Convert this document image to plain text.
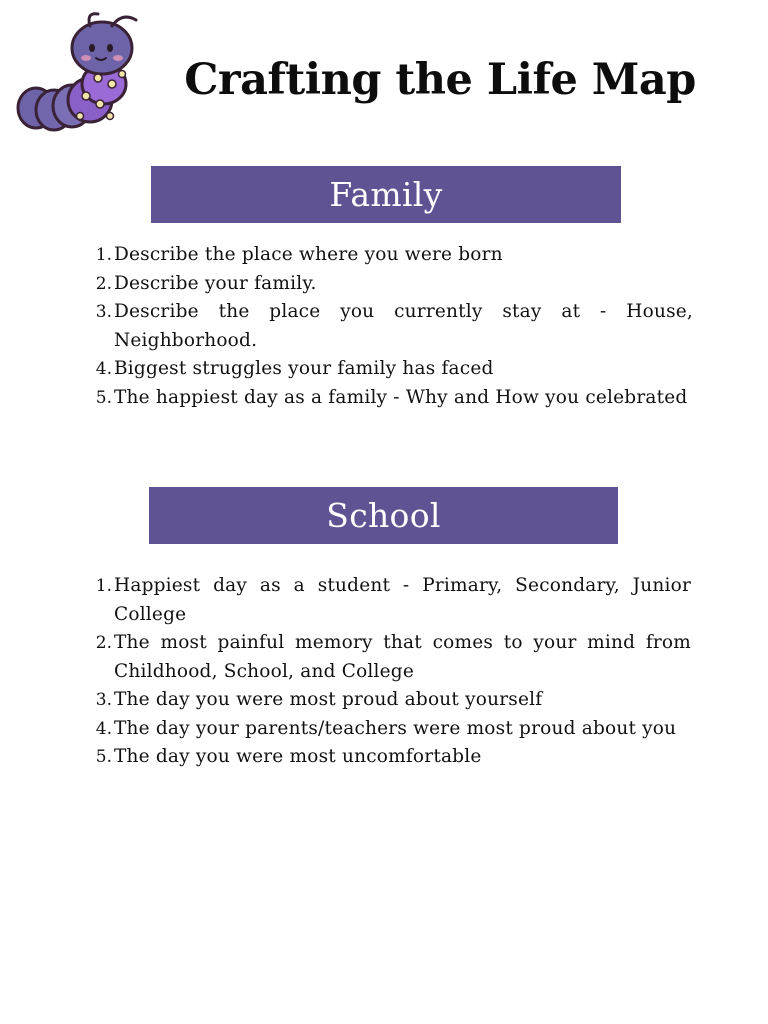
Crafting the Life Map
Family
1. Describe the place where you were born
2. Describe your family.
3. Describe the place you currently stay at - House, Neighborhood.
4. Biggest struggles your family has faced
5. The happiest day as a family - Why and How you celebrated
School
1. Happiest day as a student - Primary, Secondary, Junior College
2. The most painful memory that comes to your mind from Childhood, School, and College
3. The day you were most proud about yourself
4. The day your parents/teachers were most proud about you
5. The day you were most uncomfortable
